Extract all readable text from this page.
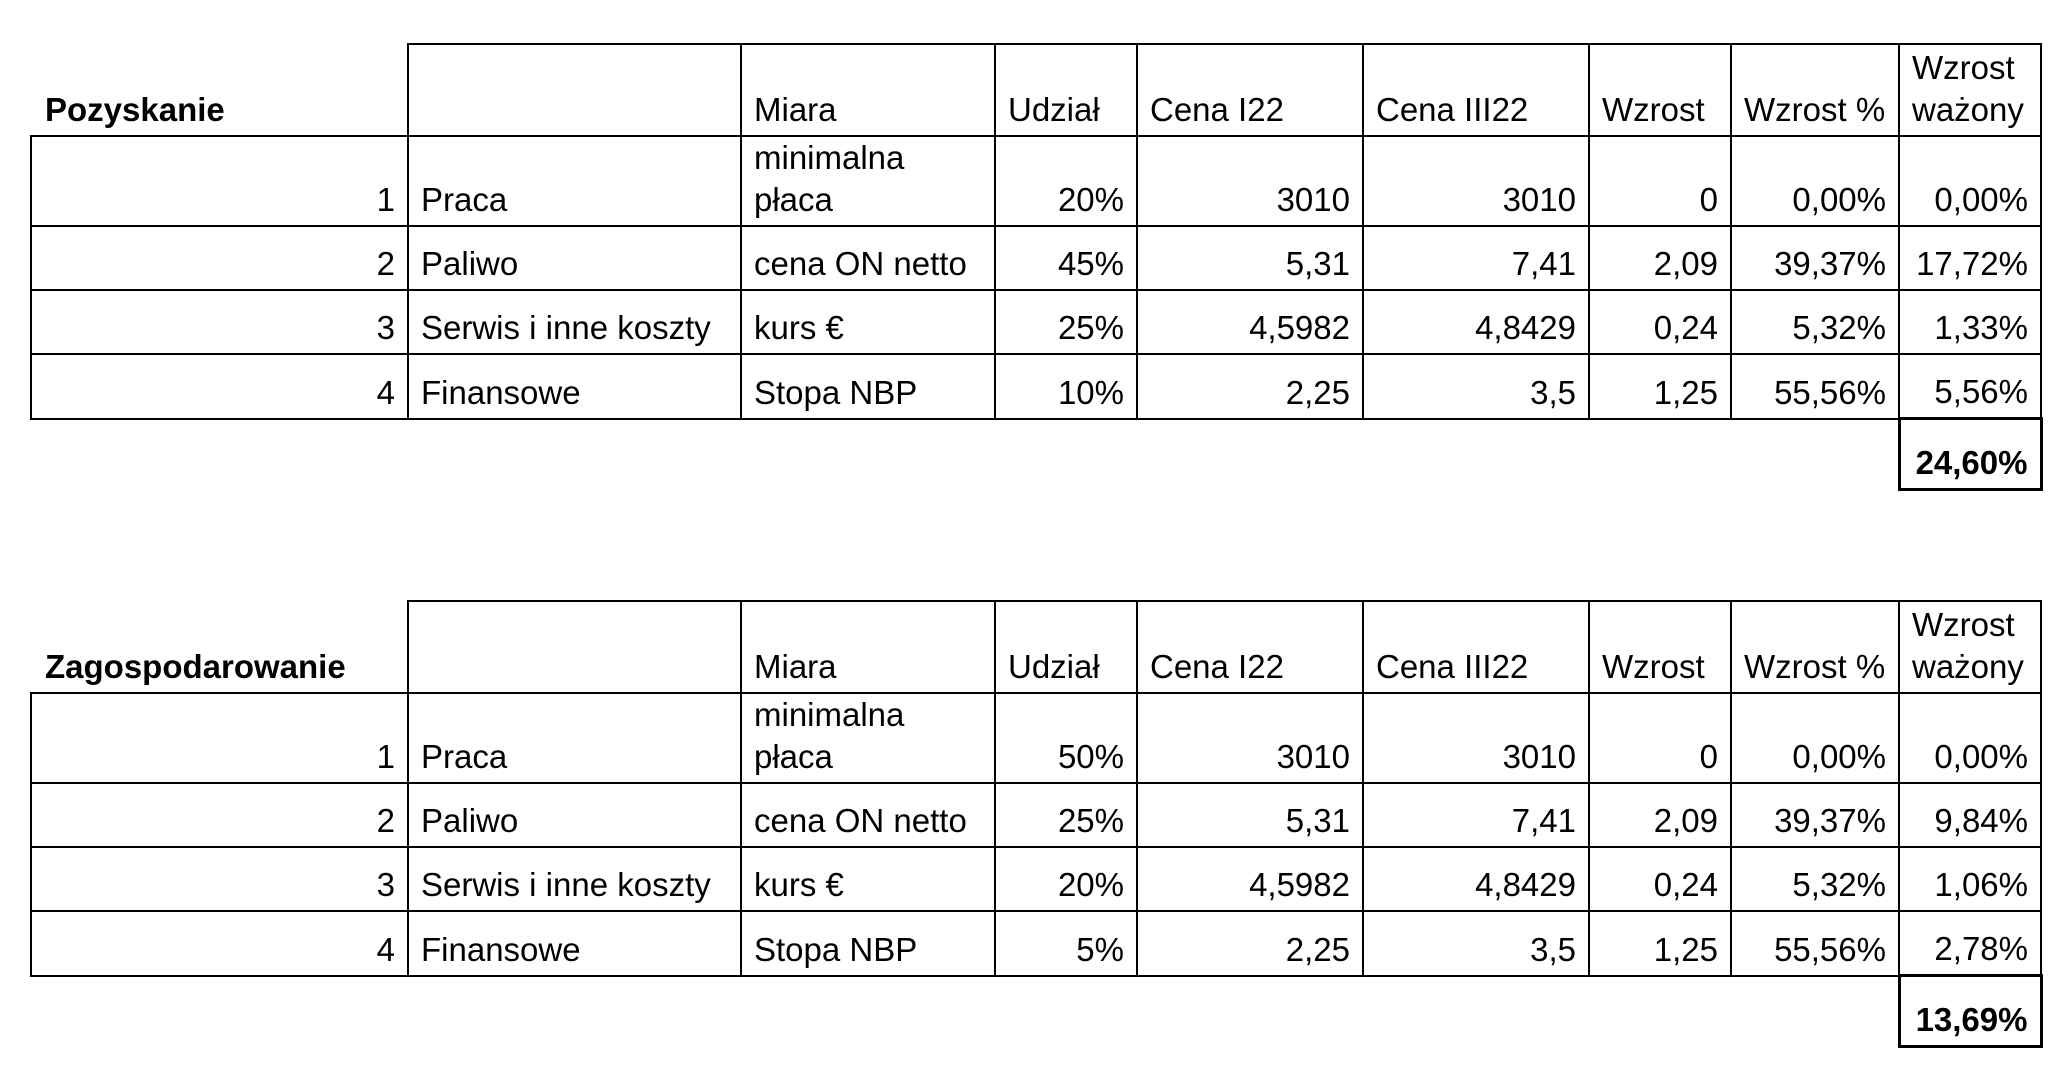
Pozyskanie		Miara	Udział	Cena I22	Cena III22	Wzrost	Wzrost %	Wzrost ważony
1	Praca	minimalna płaca	20%	3010	3010	0	0,00%	0,00%
2	Paliwo	cena ON netto	45%	5,31	7,41	2,09	39,37%	17,72%
3	Serwis i inne koszty	kurs €	25%	4,5982	4,8429	0,24	5,32%	1,33%
4	Finansowe	Stopa NBP	10%	2,25	3,5	1,25	55,56%	5,56%
								24,60%
Zagospodarowanie		Miara	Udział	Cena I22	Cena III22	Wzrost	Wzrost %	Wzrost ważony
1	Praca	minimalna płaca	50%	3010	3010	0	0,00%	0,00%
2	Paliwo	cena ON netto	25%	5,31	7,41	2,09	39,37%	9,84%
3	Serwis i inne koszty	kurs €	20%	4,5982	4,8429	0,24	5,32%	1,06%
4	Finansowe	Stopa NBP	5%	2,25	3,5	1,25	55,56%	2,78%
								13,69%
